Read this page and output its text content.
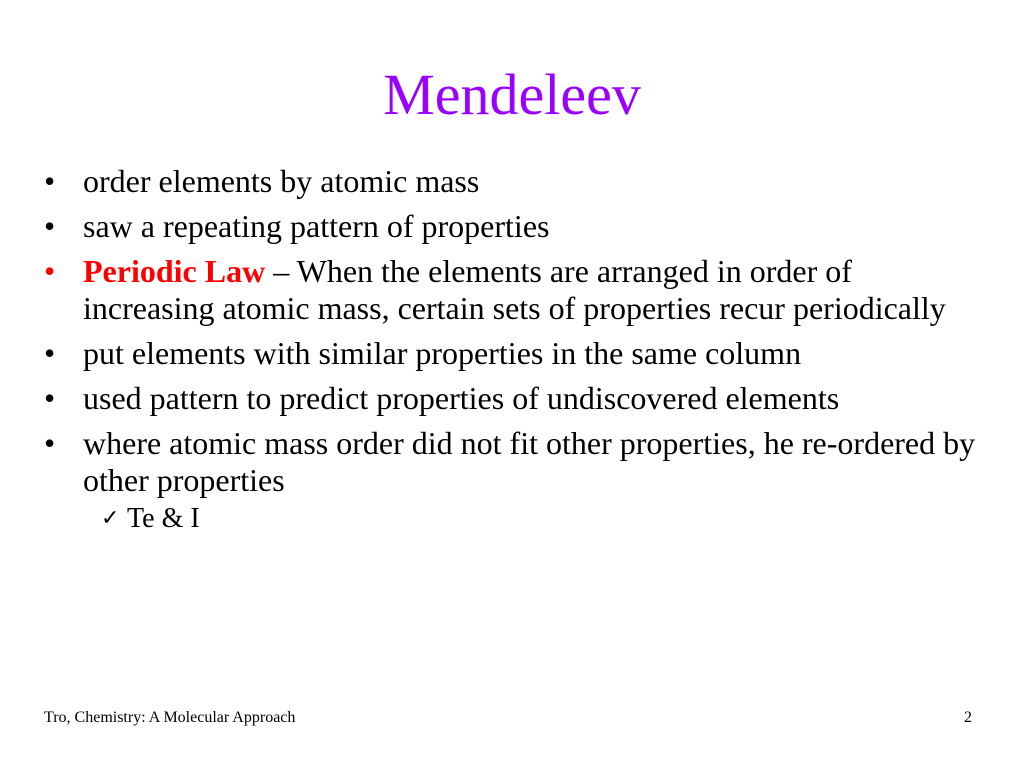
Mendeleev
• order elements by atomic mass
• saw a repeating pattern of properties
• Periodic Law – When the elements are arranged in order of increasing atomic mass, certain sets of properties recur periodically
• put elements with similar properties in the same column
• used pattern to predict properties of undiscovered elements
• where atomic mass order did not fit other properties, he re-ordered by other properties
✓ Te & I
Tro, Chemistry: A Molecular Approach	2
